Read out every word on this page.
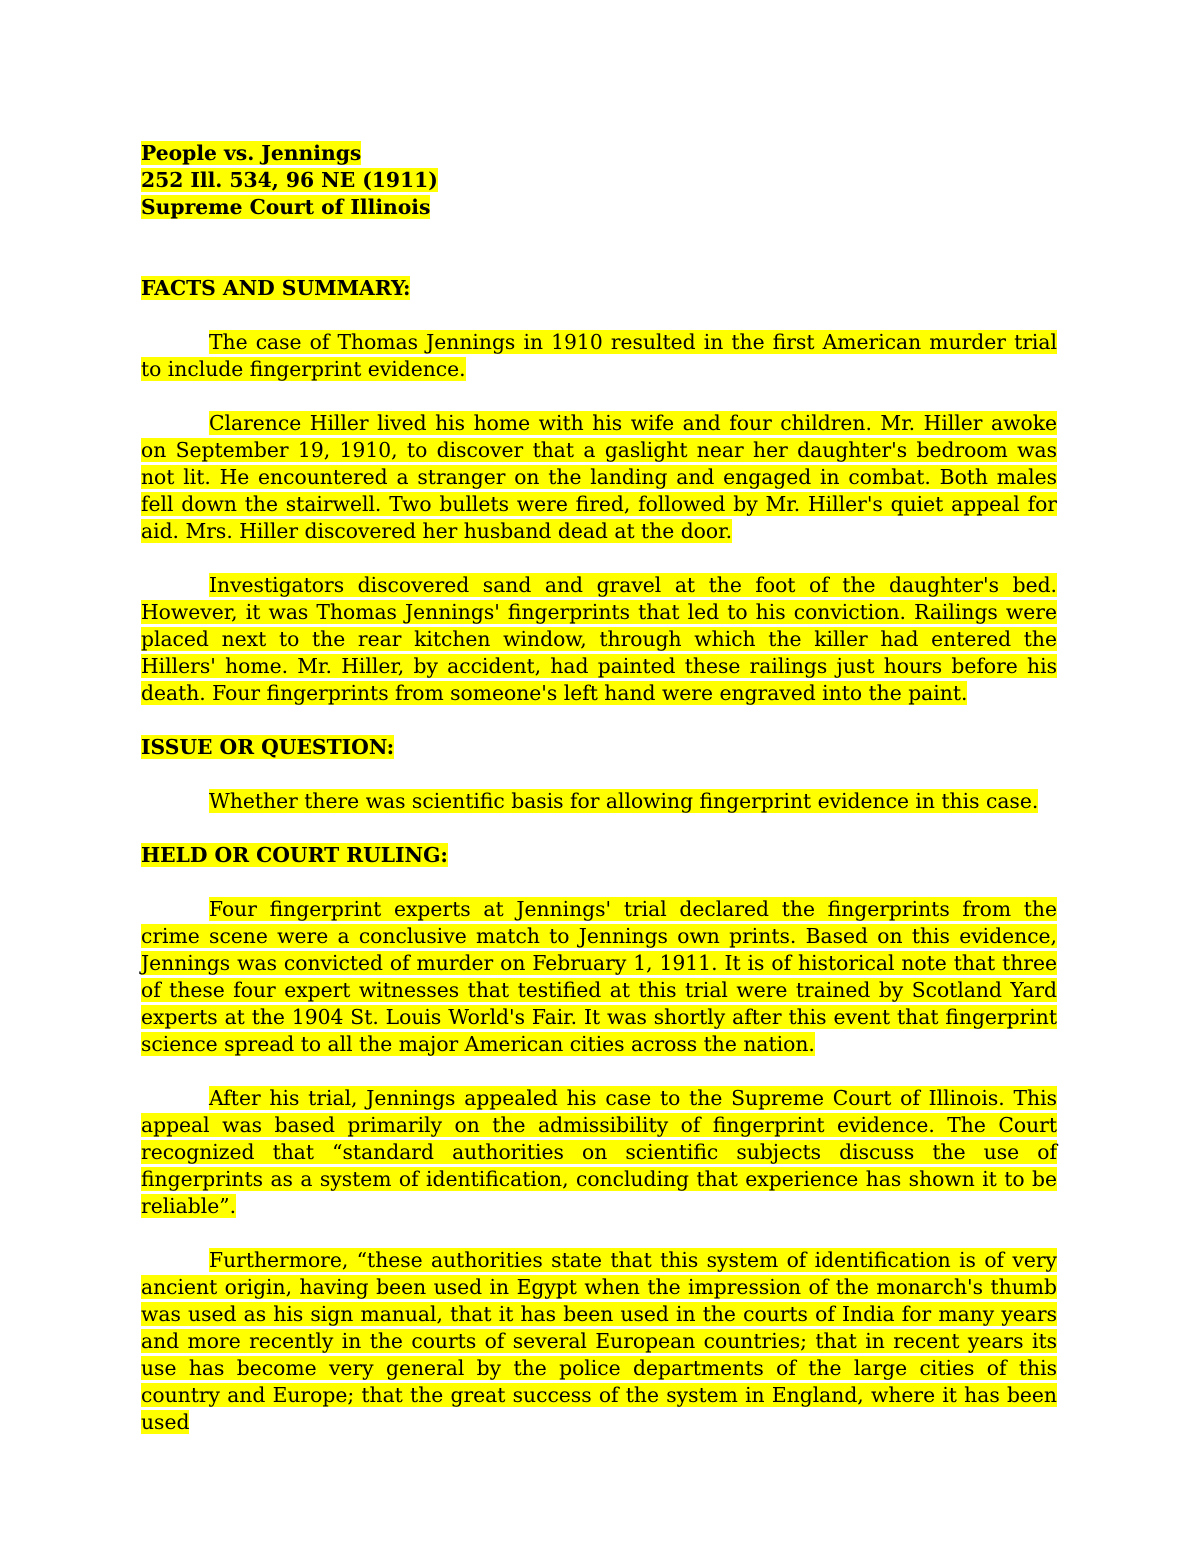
People vs. Jennings
252 Ill. 534, 96 NE (1911)
Supreme Court of Illinois

FACTS AND SUMMARY:

The case of Thomas Jennings in 1910 resulted in the first American murder trial to include fingerprint evidence.

Clarence Hiller lived his home with his wife and four children. Mr. Hiller awoke on September 19, 1910, to discover that a gaslight near her daughter's bedroom was not lit. He encountered a stranger on the landing and engaged in combat. Both males fell down the stairwell. Two bullets were fired, followed by Mr. Hiller's quiet appeal for aid. Mrs. Hiller discovered her husband dead at the door.

Investigators discovered sand and gravel at the foot of the daughter's bed. However, it was Thomas Jennings' fingerprints that led to his conviction. Railings were placed next to the rear kitchen window, through which the killer had entered the Hillers' home. Mr. Hiller, by accident, had painted these railings just hours before his death. Four fingerprints from someone's left hand were engraved into the paint.

ISSUE OR QUESTION:

Whether there was scientific basis for allowing fingerprint evidence in this case.

HELD OR COURT RULING:

Four fingerprint experts at Jennings' trial declared the fingerprints from the crime scene were a conclusive match to Jennings own prints. Based on this evidence, Jennings was convicted of murder on February 1, 1911. It is of historical note that three of these four expert witnesses that testified at this trial were trained by Scotland Yard experts at the 1904 St. Louis World's Fair. It was shortly after this event that fingerprint science spread to all the major American cities across the nation.

After his trial, Jennings appealed his case to the Supreme Court of Illinois. This appeal was based primarily on the admissibility of fingerprint evidence. The Court recognized that “standard authorities on scientific subjects discuss the use of fingerprints as a system of identification, concluding that experience has shown it to be reliable”.

Furthermore, “these authorities state that this system of identification is of very ancient origin, having been used in Egypt when the impression of the monarch's thumb was used as his sign manual, that it has been used in the courts of India for many years and more recently in the courts of several European countries; that in recent years its use has become very general by the police departments of the large cities of this country and Europe; that the great success of the system in England, where it has been used
